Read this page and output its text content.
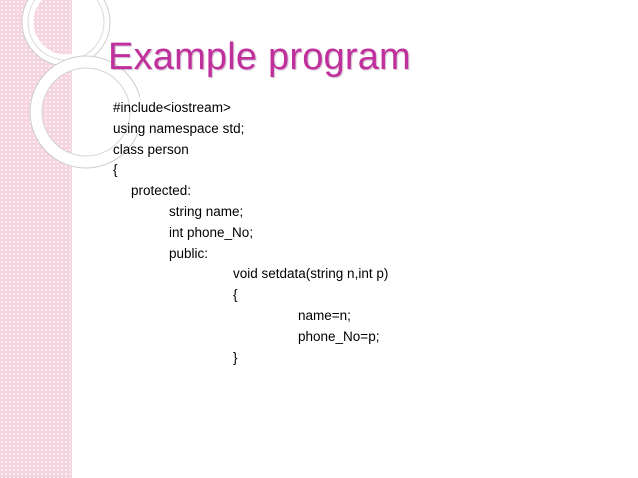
Example program
#include<iostream>
using namespace std;
class person
{
protected:
string name;
int phone_No;
public:
void setdata(string n,int p)
{
name=n;
phone_No=p;
}
